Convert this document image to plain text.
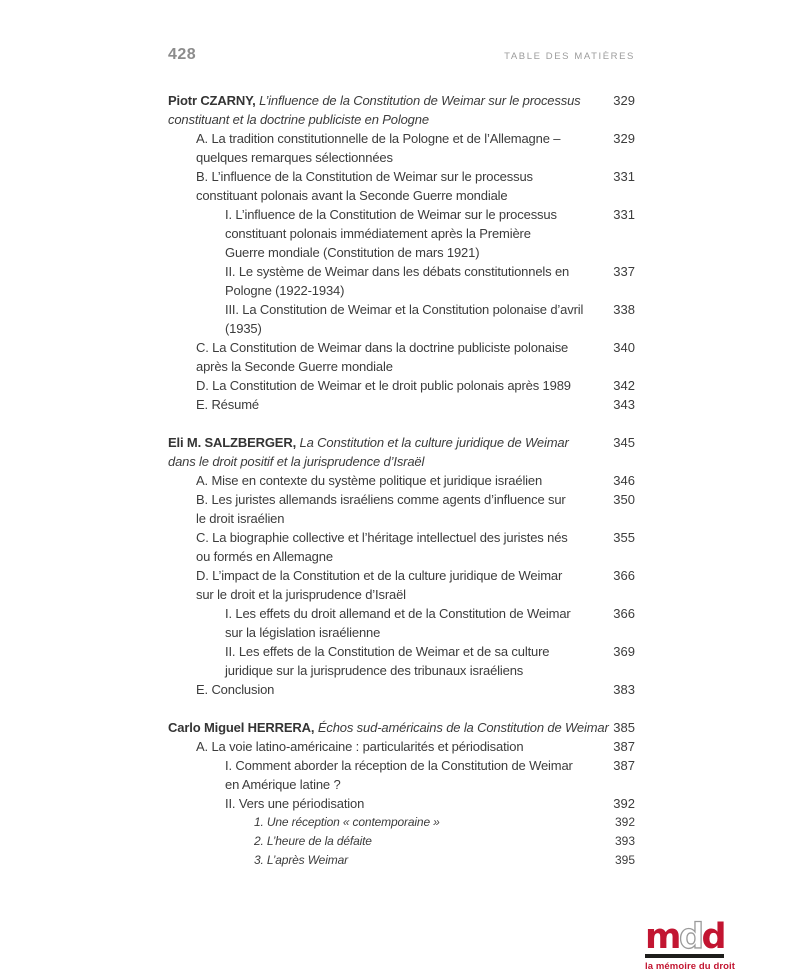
428	TABLE DES MATIÈRES
Piotr CZARNY, L’influence de la Constitution de Weimar sur le processus	329
constituant et la doctrine publiciste en Pologne
A. La tradition constitutionnelle de la Pologne et de l’Allemagne –	329
quelques remarques sélectionnées
B. L’influence de la Constitution de Weimar sur le processus	331
constituant polonais avant la Seconde Guerre mondiale
I. L’influence de la Constitution de Weimar sur le processus	331
constituant polonais immédiatement après la Première
Guerre mondiale (Constitution de mars 1921)
II. Le système de Weimar dans les débats constitutionnels en	337
Pologne (1922-1934)
III. La Constitution de Weimar et la Constitution polonaise d’avril 338
(1935)
C. La Constitution de Weimar dans la doctrine publiciste polonaise	340
après la Seconde Guerre mondiale
D. La Constitution de Weimar et le droit public polonais après 1989	342
E. Résumé	343
Eli M. SALZBERGER, La Constitution et la culture juridique de Weimar	345
dans le droit positif et la jurisprudence d’Israël
A. Mise en contexte du système politique et juridique israélien	346
B. Les juristes allemands israéliens comme agents d’influence sur	350
le droit israélien
C. La biographie collective et l’héritage intellectuel des juristes nés	355
ou formés en Allemagne
D. L’impact de la Constitution et de la culture juridique de Weimar	366
sur le droit et la jurisprudence d’Israël
I. Les effets du droit allemand et de la Constitution de Weimar	366
sur la législation israélienne
II. Les effets de la Constitution de Weimar et de sa culture	369
juridique sur la jurisprudence des tribunaux israéliens
E. Conclusion	383
Carlo Miguel HERRERA, Échos sud-américains de la Constitution de Weimar 385
A. La voie latino-américaine : particularités et périodisation	387
I. Comment aborder la réception de la Constitution de Weimar	387
en Amérique latine ?
II. Vers une périodisation	392
1. Une réception « contemporaine »	392
2. L’heure de la défaite	393
3. L’après Weimar	395
mdd
la mémoire du droit
